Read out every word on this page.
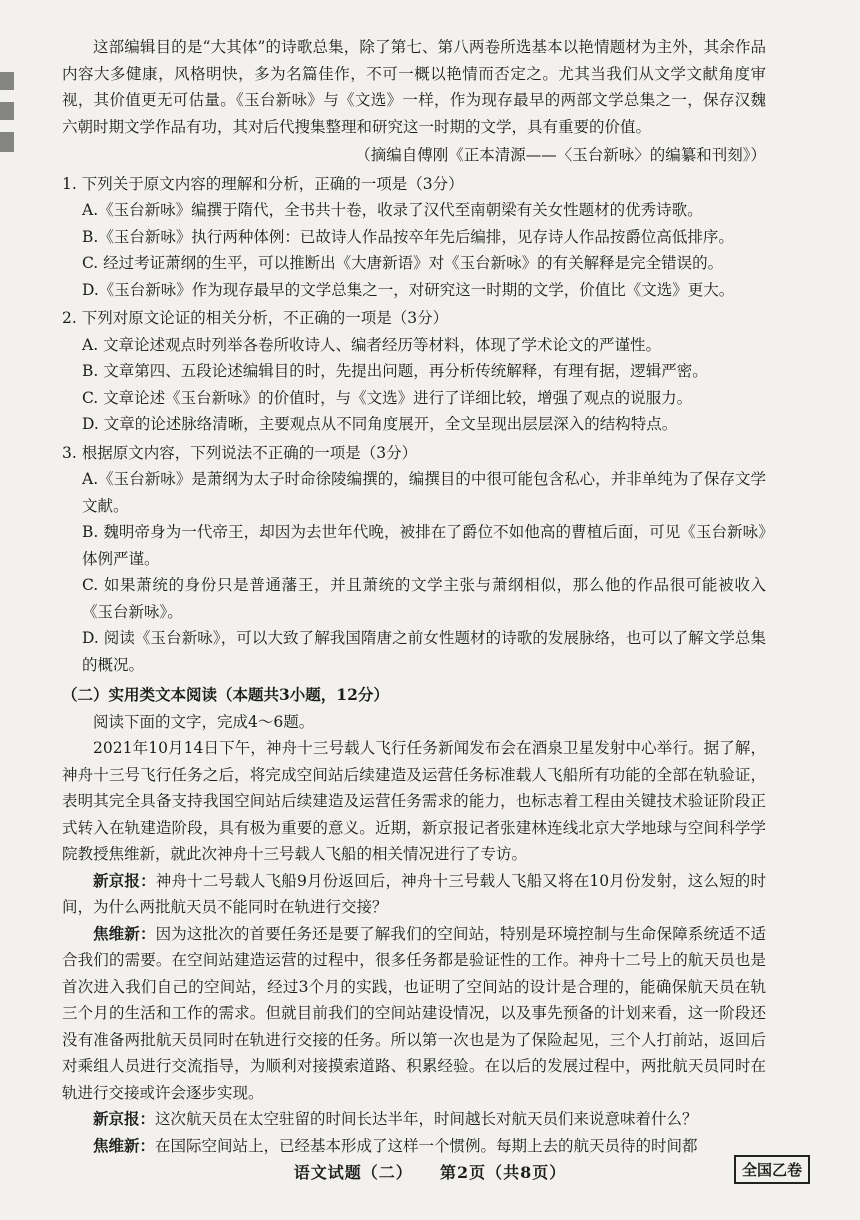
这部编辑目的是“大其体”的诗歌总集，除了第七、第八两卷所选基本以艳情题材为主外，其余作品内容大多健康，风格明快，多为名篇佳作，不可一概以艳情而否定之。尤其当我们从文学文献角度审视，其价值更无可估量。《玉台新咏》与《文选》一样，作为现存最早的两部文学总集之一，保存汉魏六朝时期文学作品有功，其对后代搜集整理和研究这一时期的文学，具有重要的价值。

（摘编自傅刚《正本清源——〈玉台新咏〉的编纂和刊刻》）

1. 下列关于原文内容的理解和分析，正确的一项是（3分）

A.《玉台新咏》编撰于隋代，全书共十卷，收录了汉代至南朝梁有关女性题材的优秀诗歌。

B.《玉台新咏》执行两种体例：已故诗人作品按卒年先后编排，见存诗人作品按爵位高低排序。

C. 经过考证萧纲的生平，可以推断出《大唐新语》对《玉台新咏》的有关解释是完全错误的。

D.《玉台新咏》作为现存最早的文学总集之一，对研究这一时期的文学，价值比《文选》更大。

2. 下列对原文论证的相关分析，不正确的一项是（3分）

A. 文章论述观点时列举各卷所收诗人、编者经历等材料，体现了学术论文的严谨性。

B. 文章第四、五段论述编辑目的时，先提出问题，再分析传统解释，有理有据，逻辑严密。

C. 文章论述《玉台新咏》的价值时，与《文选》进行了详细比较，增强了观点的说服力。

D. 文章的论述脉络清晰，主要观点从不同角度展开，全文呈现出层层深入的结构特点。

3. 根据原文内容，下列说法不正确的一项是（3分）

A.《玉台新咏》是萧纲为太子时命徐陵编撰的，编撰目的中很可能包含私心，并非单纯为了保存文学文献。

B. 魏明帝身为一代帝王，却因为去世年代晚，被排在了爵位不如他高的曹植后面，可见《玉台新咏》体例严谨。

C. 如果萧统的身份只是普通藩王，并且萧统的文学主张与萧纲相似，那么他的作品很可能被收入《玉台新咏》。

D. 阅读《玉台新咏》，可以大致了解我国隋唐之前女性题材的诗歌的发展脉络，也可以了解文学总集的概况。

（二）实用类文本阅读（本题共3小题，12分）

阅读下面的文字，完成4～6题。

2021年10月14日下午，神舟十三号载人飞行任务新闻发布会在酒泉卫星发射中心举行。据了解，神舟十三号飞行任务之后，将完成空间站后续建造及运营任务标准载人飞船所有功能的全部在轨验证，表明其完全具备支持我国空间站后续建造及运营任务需求的能力，也标志着工程由关键技术验证阶段正式转入在轨建造阶段，具有极为重要的意义。近期，新京报记者张建林连线北京大学地球与空间科学学院教授焦维新，就此次神舟十三号载人飞船的相关情况进行了专访。

新京报：神舟十二号载人飞船9月份返回后，神舟十三号载人飞船又将在10月份发射，这么短的时间，为什么两批航天员不能同时在轨进行交接？

焦维新：因为这批次的首要任务还是要了解我们的空间站，特别是环境控制与生命保障系统适不适合我们的需要。在空间站建造运营的过程中，很多任务都是验证性的工作。神舟十二号上的航天员也是首次进入我们自己的空间站，经过3个月的实践，也证明了空间站的设计是合理的，能确保航天员在轨三个月的生活和工作的需求。但就目前我们的空间站建设情况，以及事先预备的计划来看，这一阶段还没有准备两批航天员同时在轨进行交接的任务。所以第一次也是为了保险起见，三个人打前站，返回后对乘组人员进行交流指导，为顺利对接摸索道路、积累经验。在以后的发展过程中，两批航天员同时在轨进行交接或许会逐步实现。

新京报：这次航天员在太空驻留的时间长达半年，时间越长对航天员们来说意味着什么？

焦维新：在国际空间站上，已经基本形成了这样一个惯例。每期上去的航天员待的时间都

语文试题（二） 第2页（共8页）	全国乙卷
